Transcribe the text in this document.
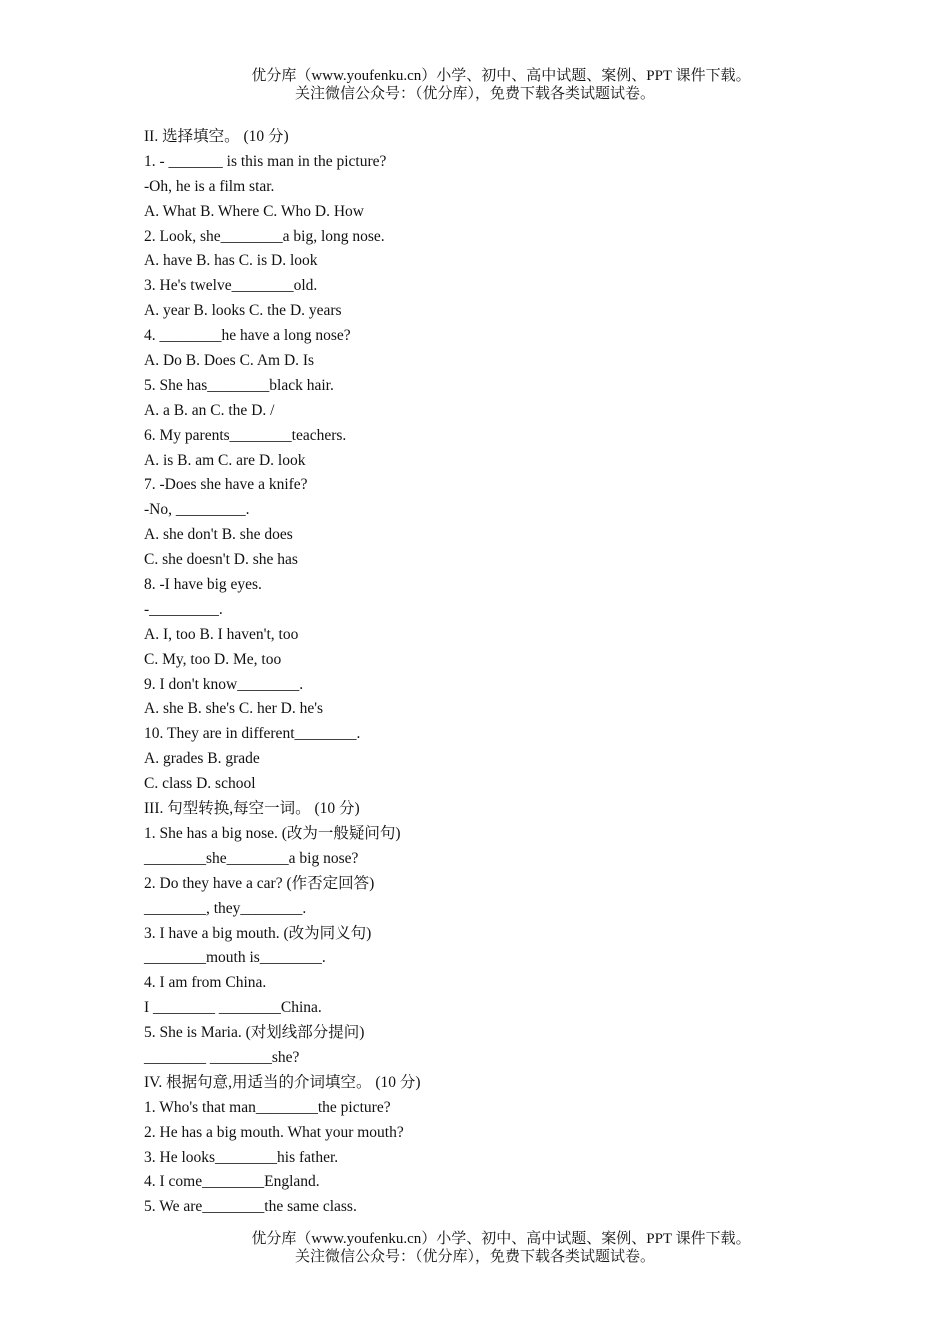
优分库（www.youfenku.cn）小学、初中、高中试题、案例、PPT 课件下载。
关注微信公众号：（优分库），免费下载各类试题试卷。
II. 选择填空。 (10 分)
1. - _______ is this man in the picture?
-Oh, he is a film star.
A. What B. Where C. Who D. How
2. Look, she________a big, long nose.
A. have B. has C. is D. look
3. He's twelve________old.
A. year B. looks C. the D. years
4. ________he have a long nose?
A. Do B. Does C. Am D. Is
5. She has________black hair.
A. a B. an C. the D. /
6. My parents________teachers.
A. is B. am C. are D. look
7. -Does she have a knife?
-No, _________.
A. she don't B. she does
C. she doesn't D. she has
8. -I have big eyes.
-_________.
A. I, too B. I haven't, too
C. My, too D. Me, too
9. I don't know________.
A. she B. she's C. her D. he's
10. They are in different________.
A. grades B. grade
C. class D. school
III. 句型转换,每空一词。 (10 分)
1. She has a big nose. (改为一般疑问句)
________she________a big nose?
2. Do they have a car? (作否定回答)
________, they________.
3. I have a big mouth. (改为同义句)
________mouth is________.
4. I am from China.
I ________ ________China.
5. She is Maria. (对划线部分提问)
________ ________she?
IV. 根据句意,用适当的介词填空。 (10 分)
1. Who's that man________the picture?
2. He has a big mouth. What your mouth?
3. He looks________his father.
4. I come________England.
5. We are________the same class.
优分库（www.youfenku.cn）小学、初中、高中试题、案例、PPT 课件下载。
关注微信公众号：（优分库），免费下载各类试题试卷。
